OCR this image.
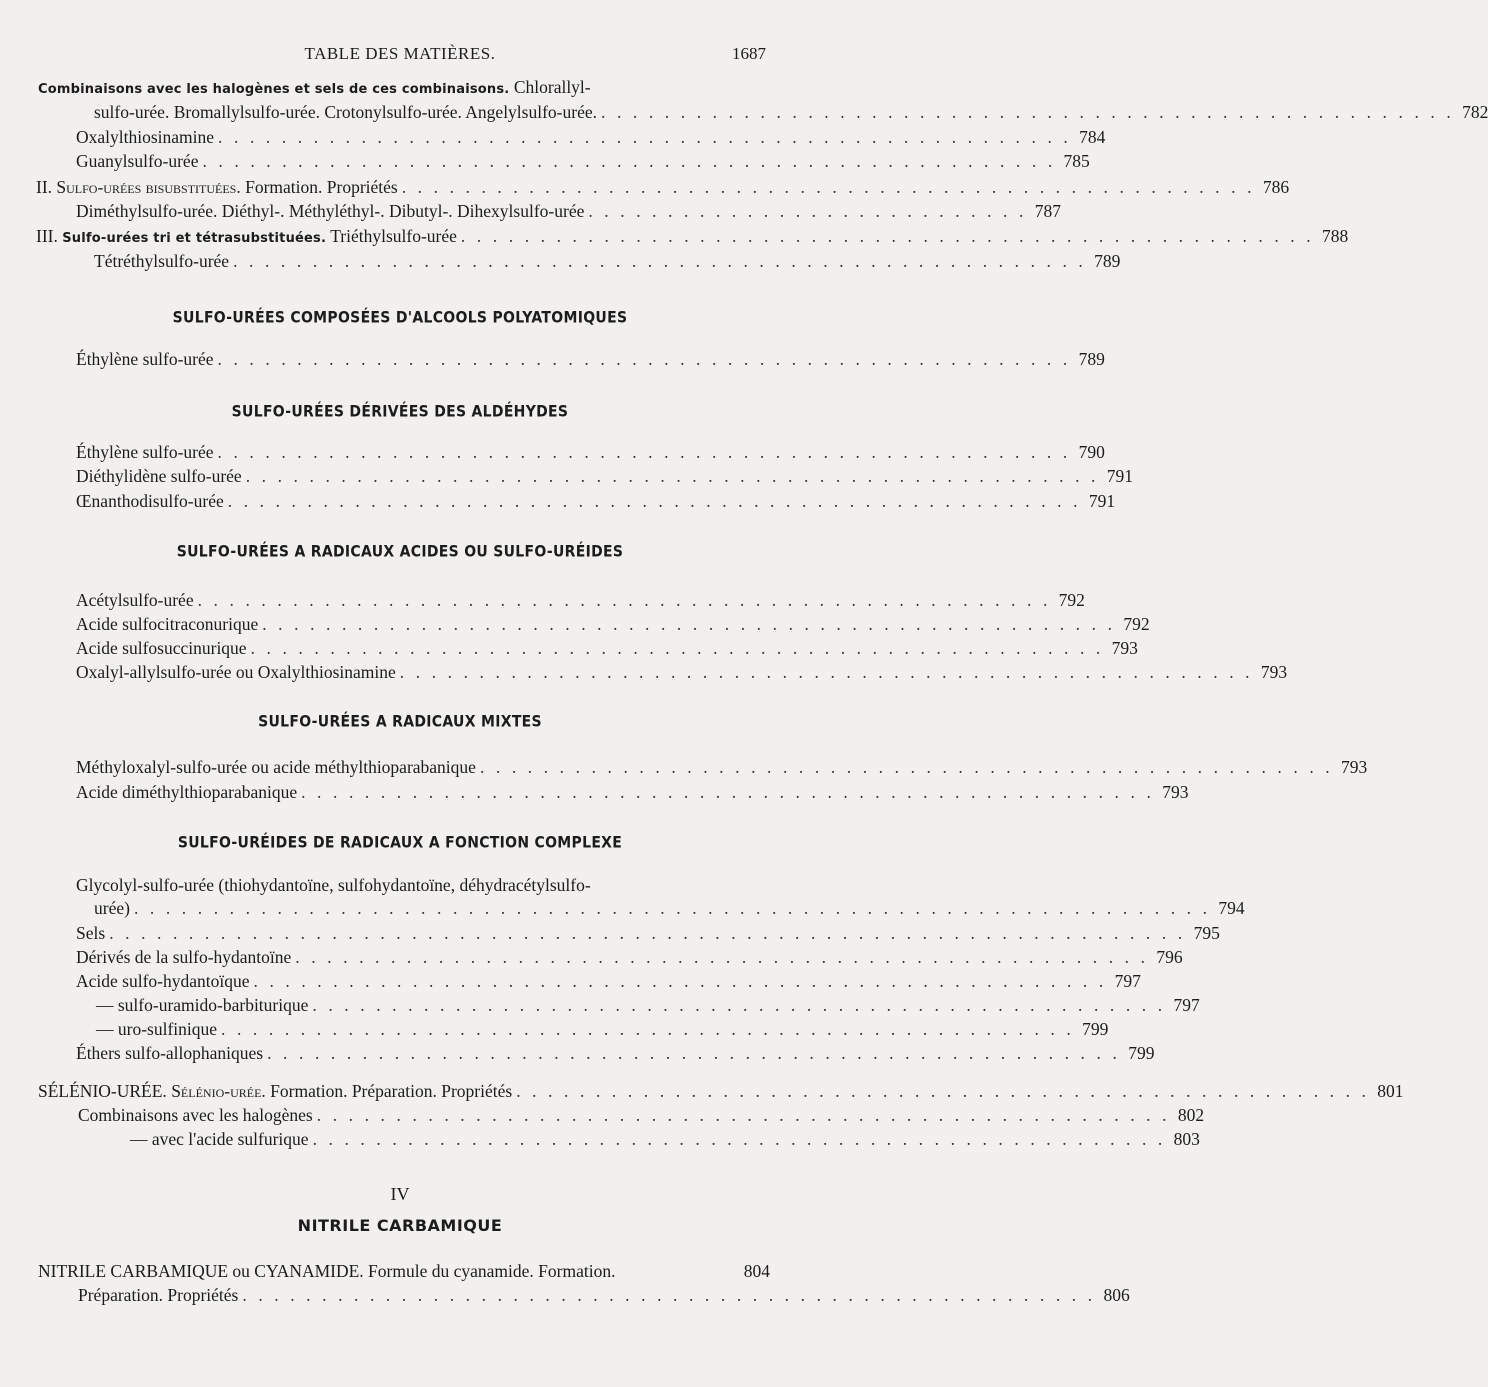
TABLE DES MATIÈRES.	1687
Combinaisons avec les halogènes et sels de ces combinaisons. Chlorallyl-
sulfo-urée. Bromallylsulfo-urée. Crotonylsulfo-urée. Angelylsulfo-urée. . . . . . . . . . . . . . . . . . . . . . . . . . . . . . . . . . . . . . . . . . . . . . . . . . . . . . . 782
Oxalylthiosinamine . . . . . . . . . . . . . . . . . . . . . . . . . . . . . . . . . . . . . . . . . . . . . . . . . . . . . . 784
Guanylsulfo-urée . . . . . . . . . . . . . . . . . . . . . . . . . . . . . . . . . . . . . . . . . . . . . . . . . . . . . . 785
II. Sulfo-urées bisubstituées. Formation. Propriétés . . . . . . . . . . . . . . . . . . . . . . . . . . . . . . . . . . . . . . . . . . . . . . . . . . . . . . 786
Diméthylsulfo-urée. Diéthyl-. Méthyléthyl-. Dibutyl-. Dihexylsulfo-urée . . . . . . . . . . . . . . . . . . . . . . . . . . . . 787
III. Sulfo-urées tri et tétrasubstituées. Triéthylsulfo-urée . . . . . . . . . . . . . . . . . . . . . . . . . . . . . . . . . . . . . . . . . . . . . . . . . . . . . . 788
Tétréthylsulfo-urée . . . . . . . . . . . . . . . . . . . . . . . . . . . . . . . . . . . . . . . . . . . . . . . . . . . . . . 789
SULFO-URÉES COMPOSÉES D'ALCOOLS POLYATOMIQUES
Éthylène sulfo-urée . . . . . . . . . . . . . . . . . . . . . . . . . . . . . . . . . . . . . . . . . . . . . . . . . . . . . . 789
SULFO-URÉES DÉRIVÉES DES ALDÉHYDES
Éthylène sulfo-urée . . . . . . . . . . . . . . . . . . . . . . . . . . . . . . . . . . . . . . . . . . . . . . . . . . . . . . 790
Diéthylidène sulfo-urée . . . . . . . . . . . . . . . . . . . . . . . . . . . . . . . . . . . . . . . . . . . . . . . . . . . . . . 791
Œnanthodisulfo-urée . . . . . . . . . . . . . . . . . . . . . . . . . . . . . . . . . . . . . . . . . . . . . . . . . . . . . . 791
SULFO-URÉES A RADICAUX ACIDES OU SULFO-URÉIDES
Acétylsulfo-urée . . . . . . . . . . . . . . . . . . . . . . . . . . . . . . . . . . . . . . . . . . . . . . . . . . . . . . 792
Acide sulfocitraconurique . . . . . . . . . . . . . . . . . . . . . . . . . . . . . . . . . . . . . . . . . . . . . . . . . . . . . . 792
Acide sulfosuccinurique . . . . . . . . . . . . . . . . . . . . . . . . . . . . . . . . . . . . . . . . . . . . . . . . . . . . . . 793
Oxalyl-allylsulfo-urée ou Oxalylthiosinamine . . . . . . . . . . . . . . . . . . . . . . . . . . . . . . . . . . . . . . . . . . . . . . . . . . . . . . 793
SULFO-URÉES A RADICAUX MIXTES
Méthyloxalyl-sulfo-urée ou acide méthylthioparabanique . . . . . . . . . . . . . . . . . . . . . . . . . . . . . . . . . . . . . . . . . . . . . . . . . . . . . . 793
Acide diméthylthioparabanique . . . . . . . . . . . . . . . . . . . . . . . . . . . . . . . . . . . . . . . . . . . . . . . . . . . . . . 793
SULFO-URÉIDES DE RADICAUX A FONCTION COMPLEXE
Glycolyl-sulfo-urée (thiohydantoïne, sulfohydantoïne, déhydracétylsulfo-
urée) . . . . . . . . . . . . . . . . . . . . . . . . . . . . . . . . . . . . . . . . . . . . . . . . . . . . . . . . . . . . . . . . . . . . 794
Sels . . . . . . . . . . . . . . . . . . . . . . . . . . . . . . . . . . . . . . . . . . . . . . . . . . . . . . . . . . . . . . . . . . . . 795
Dérivés de la sulfo-hydantoïne . . . . . . . . . . . . . . . . . . . . . . . . . . . . . . . . . . . . . . . . . . . . . . . . . . . . . . 796
Acide sulfo-hydantoïque . . . . . . . . . . . . . . . . . . . . . . . . . . . . . . . . . . . . . . . . . . . . . . . . . . . . . . 797
— sulfo-uramido-barbiturique . . . . . . . . . . . . . . . . . . . . . . . . . . . . . . . . . . . . . . . . . . . . . . . . . . . . . . 797
— uro-sulfinique . . . . . . . . . . . . . . . . . . . . . . . . . . . . . . . . . . . . . . . . . . . . . . . . . . . . . . 799
Éthers sulfo-allophaniques . . . . . . . . . . . . . . . . . . . . . . . . . . . . . . . . . . . . . . . . . . . . . . . . . . . . . . 799
SÉLÉNIO-URÉE. Sélénio-urée. Formation. Préparation. Propriétés . . . . . . . . . . . . . . . . . . . . . . . . . . . . . . . . . . . . . . . . . . . . . . . . . . . . . . 801
Combinaisons avec les halogènes . . . . . . . . . . . . . . . . . . . . . . . . . . . . . . . . . . . . . . . . . . . . . . . . . . . . . . 802
— avec l'acide sulfurique . . . . . . . . . . . . . . . . . . . . . . . . . . . . . . . . . . . . . . . . . . . . . . . . . . . . . . 803
IV
NITRILE CARBAMIQUE
NITRILE CARBAMIQUE ou CYANAMIDE. Formule du cyanamide. Formation.	804
Préparation. Propriétés . . . . . . . . . . . . . . . . . . . . . . . . . . . . . . . . . . . . . . . . . . . . . . . . . . . . . . 806
